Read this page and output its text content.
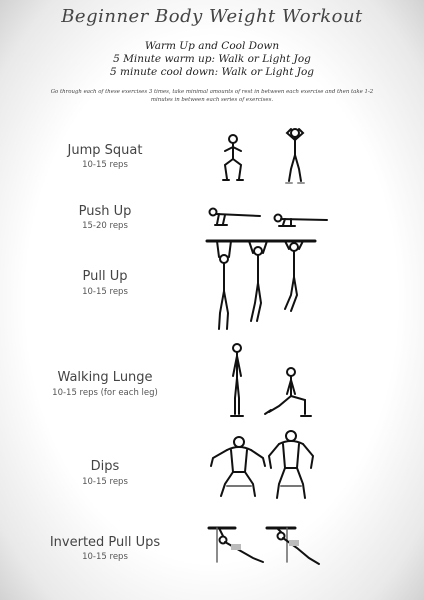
Beginner Body Weight Workout
Warm Up and Cool Down
5 Minute warm up: Walk or Light Jog
5 minute cool down: Walk or Light Jog
Go through each of these exercises 3 times, take minimal amounts of rest in between each exercise and then take 1-2 minutes in between each series of exercises.
Jump Squat
10-15 reps
Push Up
15-20 reps
Pull Up
10-15 reps
Walking Lunge
10-15 reps (for each leg)
Dips
10-15 reps
Inverted Pull Ups
10-15 reps
